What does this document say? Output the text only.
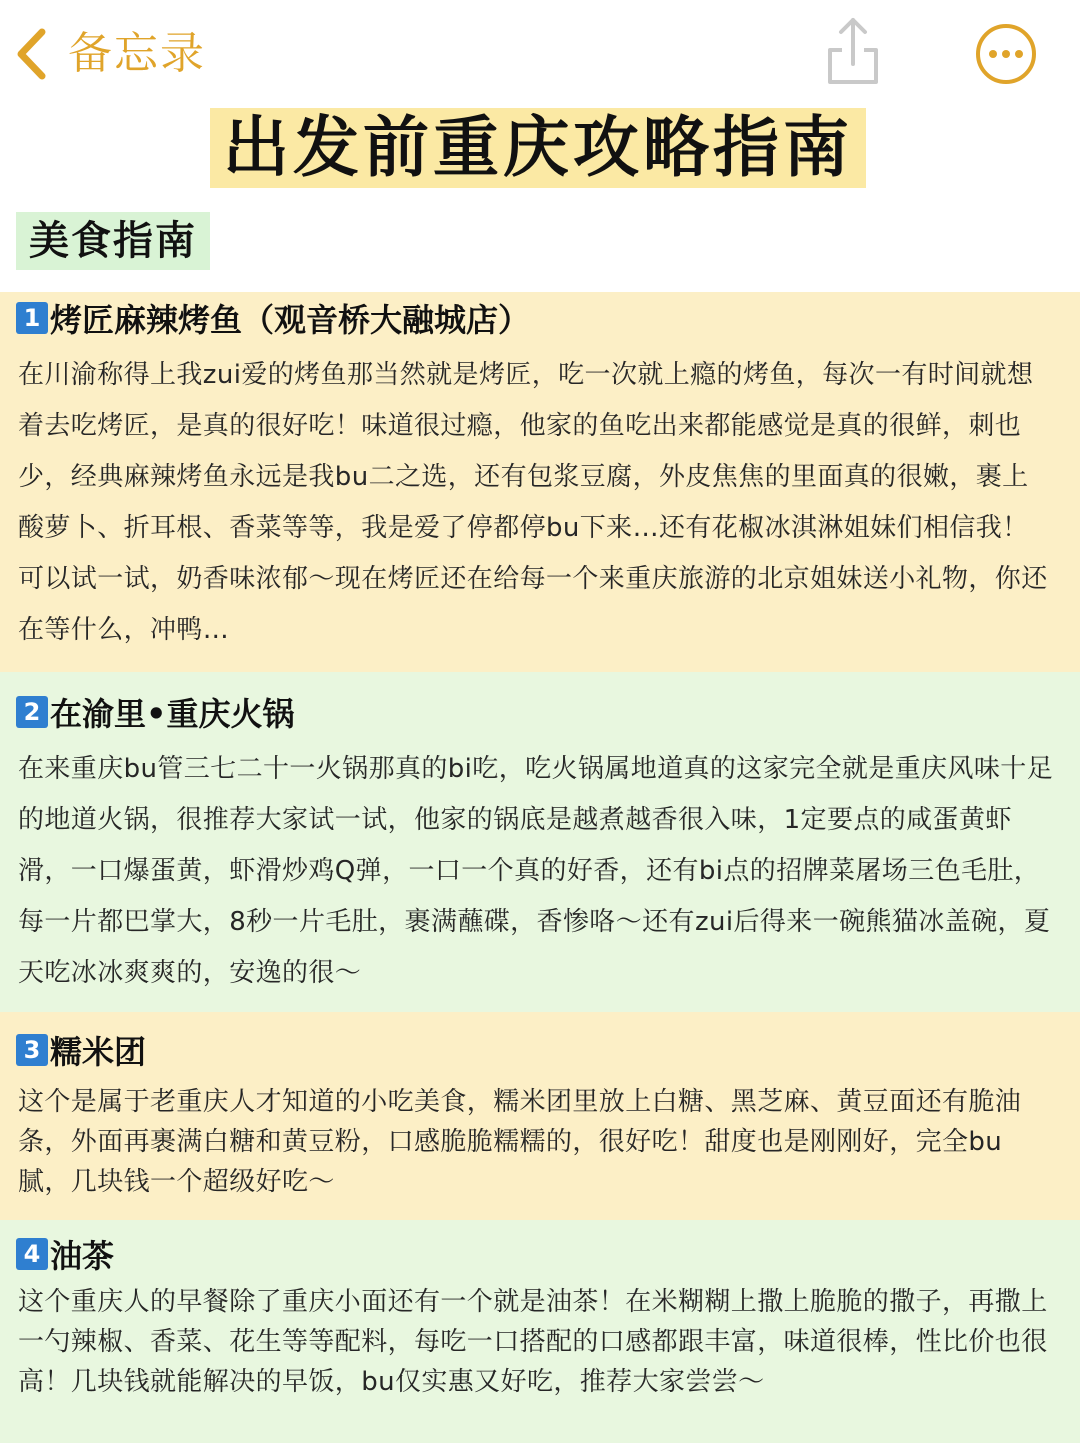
备忘录
出发前重庆攻略指南
美食指南
1 烤匠麻辣烤鱼（观音桥大融城店）

在川渝称得上我zui爱的烤鱼那当然就是烤匠，吃一次就上瘾的烤鱼，每次一有时间就想着去吃烤匠，是真的很好吃！味道很过瘾，他家的鱼吃出来都能感觉是真的很鲜，刺也少，经典麻辣烤鱼永远是我bu二之选，还有包浆豆腐，外皮焦焦的里面真的很嫩，裹上酸萝卜、折耳根、香菜等等，我是爱了停都停bu下来…还有花椒冰淇淋姐妹们相信我！可以试一试，奶香味浓郁～现在烤匠还在给每一个来重庆旅游的北京姐妹送小礼物，你还在等什么，冲鸭…

2 在渝里•重庆火锅

在来重庆bu管三七二十一火锅那真的bi吃，吃火锅属地道真的这家完全就是重庆风味十足的地道火锅，很推荐大家试一试，他家的锅底是越煮越香很入味，1定要点的咸蛋黄虾滑，一口爆蛋黄，虾滑炒鸡Q弹，一口一个真的好香，还有bi点的招牌菜屠场三色毛肚，每一片都巴掌大，8秒一片毛肚，裹满蘸碟，香惨咯～还有zui后得来一碗熊猫冰盖碗，夏天吃冰冰爽爽的，安逸的很～

3 糯米团

这个是属于老重庆人才知道的小吃美食，糯米团里放上白糖、黑芝麻、黄豆面还有脆油条，外面再裹满白糖和黄豆粉，口感脆脆糯糯的，很好吃！甜度也是刚刚好，完全bu腻，几块钱一个超级好吃～

4 油茶

这个重庆人的早餐除了重庆小面还有一个就是油茶！在米糊糊上撒上脆脆的撒子，再撒上一勺辣椒、香菜、花生等等配料，每吃一口搭配的口感都跟丰富，味道很棒，性比价也很高！几块钱就能解决的早饭，bu仅实惠又好吃，推荐大家尝尝～
